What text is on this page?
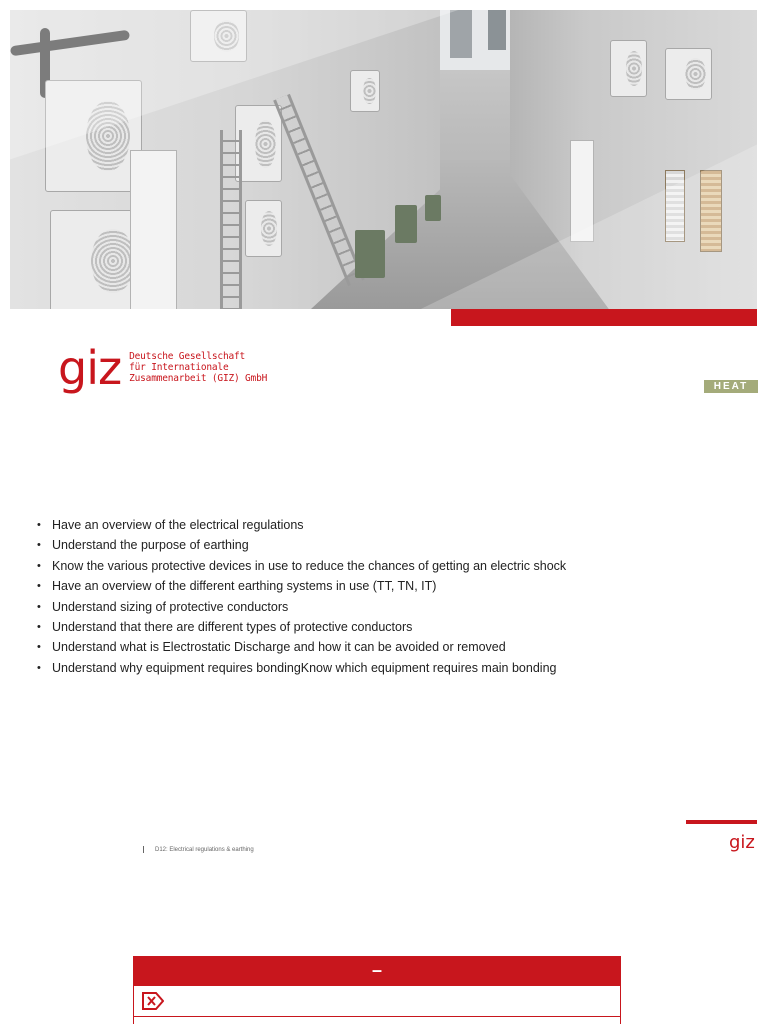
giz Deutsche Gesellschaft
für Internationale
Zusammenarbeit (GIZ) GmbH
HEAT
• Have an overview of the electrical regulations
• Understand the purpose of earthing
• Know the various protective devices in use to reduce the chances of getting an electric shock
• Have an overview of the different earthing systems in use (TT, TN, IT)
• Understand sizing of protective conductors
• Understand that there are different types of protective conductors
• Understand what is Electrostatic Discharge and how it can be avoided or removed
• Understand why equipment requires bondingKnow which equipment requires main bonding
giz
D12: Electrical regulations & earthing
–
